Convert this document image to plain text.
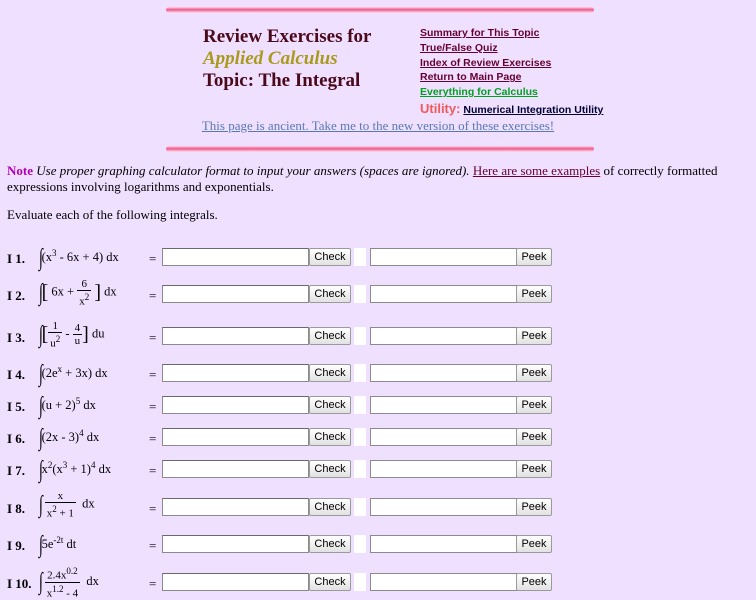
Review Exercises for
Applied Calculus
Topic: The Integral
Summary for This Topic
True/False Quiz
Index of Review Exercises
Return to Main Page
Everything for Calculus
Utility: Numerical Integration Utility
This page is ancient. Take me to the new version of these exercises!
Note Use proper graphing calculator format to input your answers (spaces are ignored). Here are some examples of correctly formatted expressions involving logarithms and exponentials.
Evaluate each of the following integrals.
I 1. $\int(x^3 - 6x + 4)$ dx =	Check	Peek
I 2. ∫[ $6x + \frac{6}{x^2}$ ] dx =	Check	Peek
I 3. ∫[ $\frac{1}{u^2} - \frac{4}{u}$ ] du	=	Check	Peek
I 4. $\int(2e^x + 3x)$ dx	=	Check	Peek
I 5. $\int(u + 2)^5$ dx	=	Check	Peek
I 6. ∫(2x - 3)$^4$ dx	=	Check	Peek
I 7. $\int x^2(x^3 + 1)^4$ dx	=	Check	Peek
I 8. ∫ $\frac{x}{x^2 + 1}$ dx	=	Check	Peek
I 9. $\int 5e^{-2t}$ dt	=	Check	Peek
I 10. ∫ $\frac{2.4x^{0.2}}{x^{1.2} - 4}$ dx	=	Check	Peek
